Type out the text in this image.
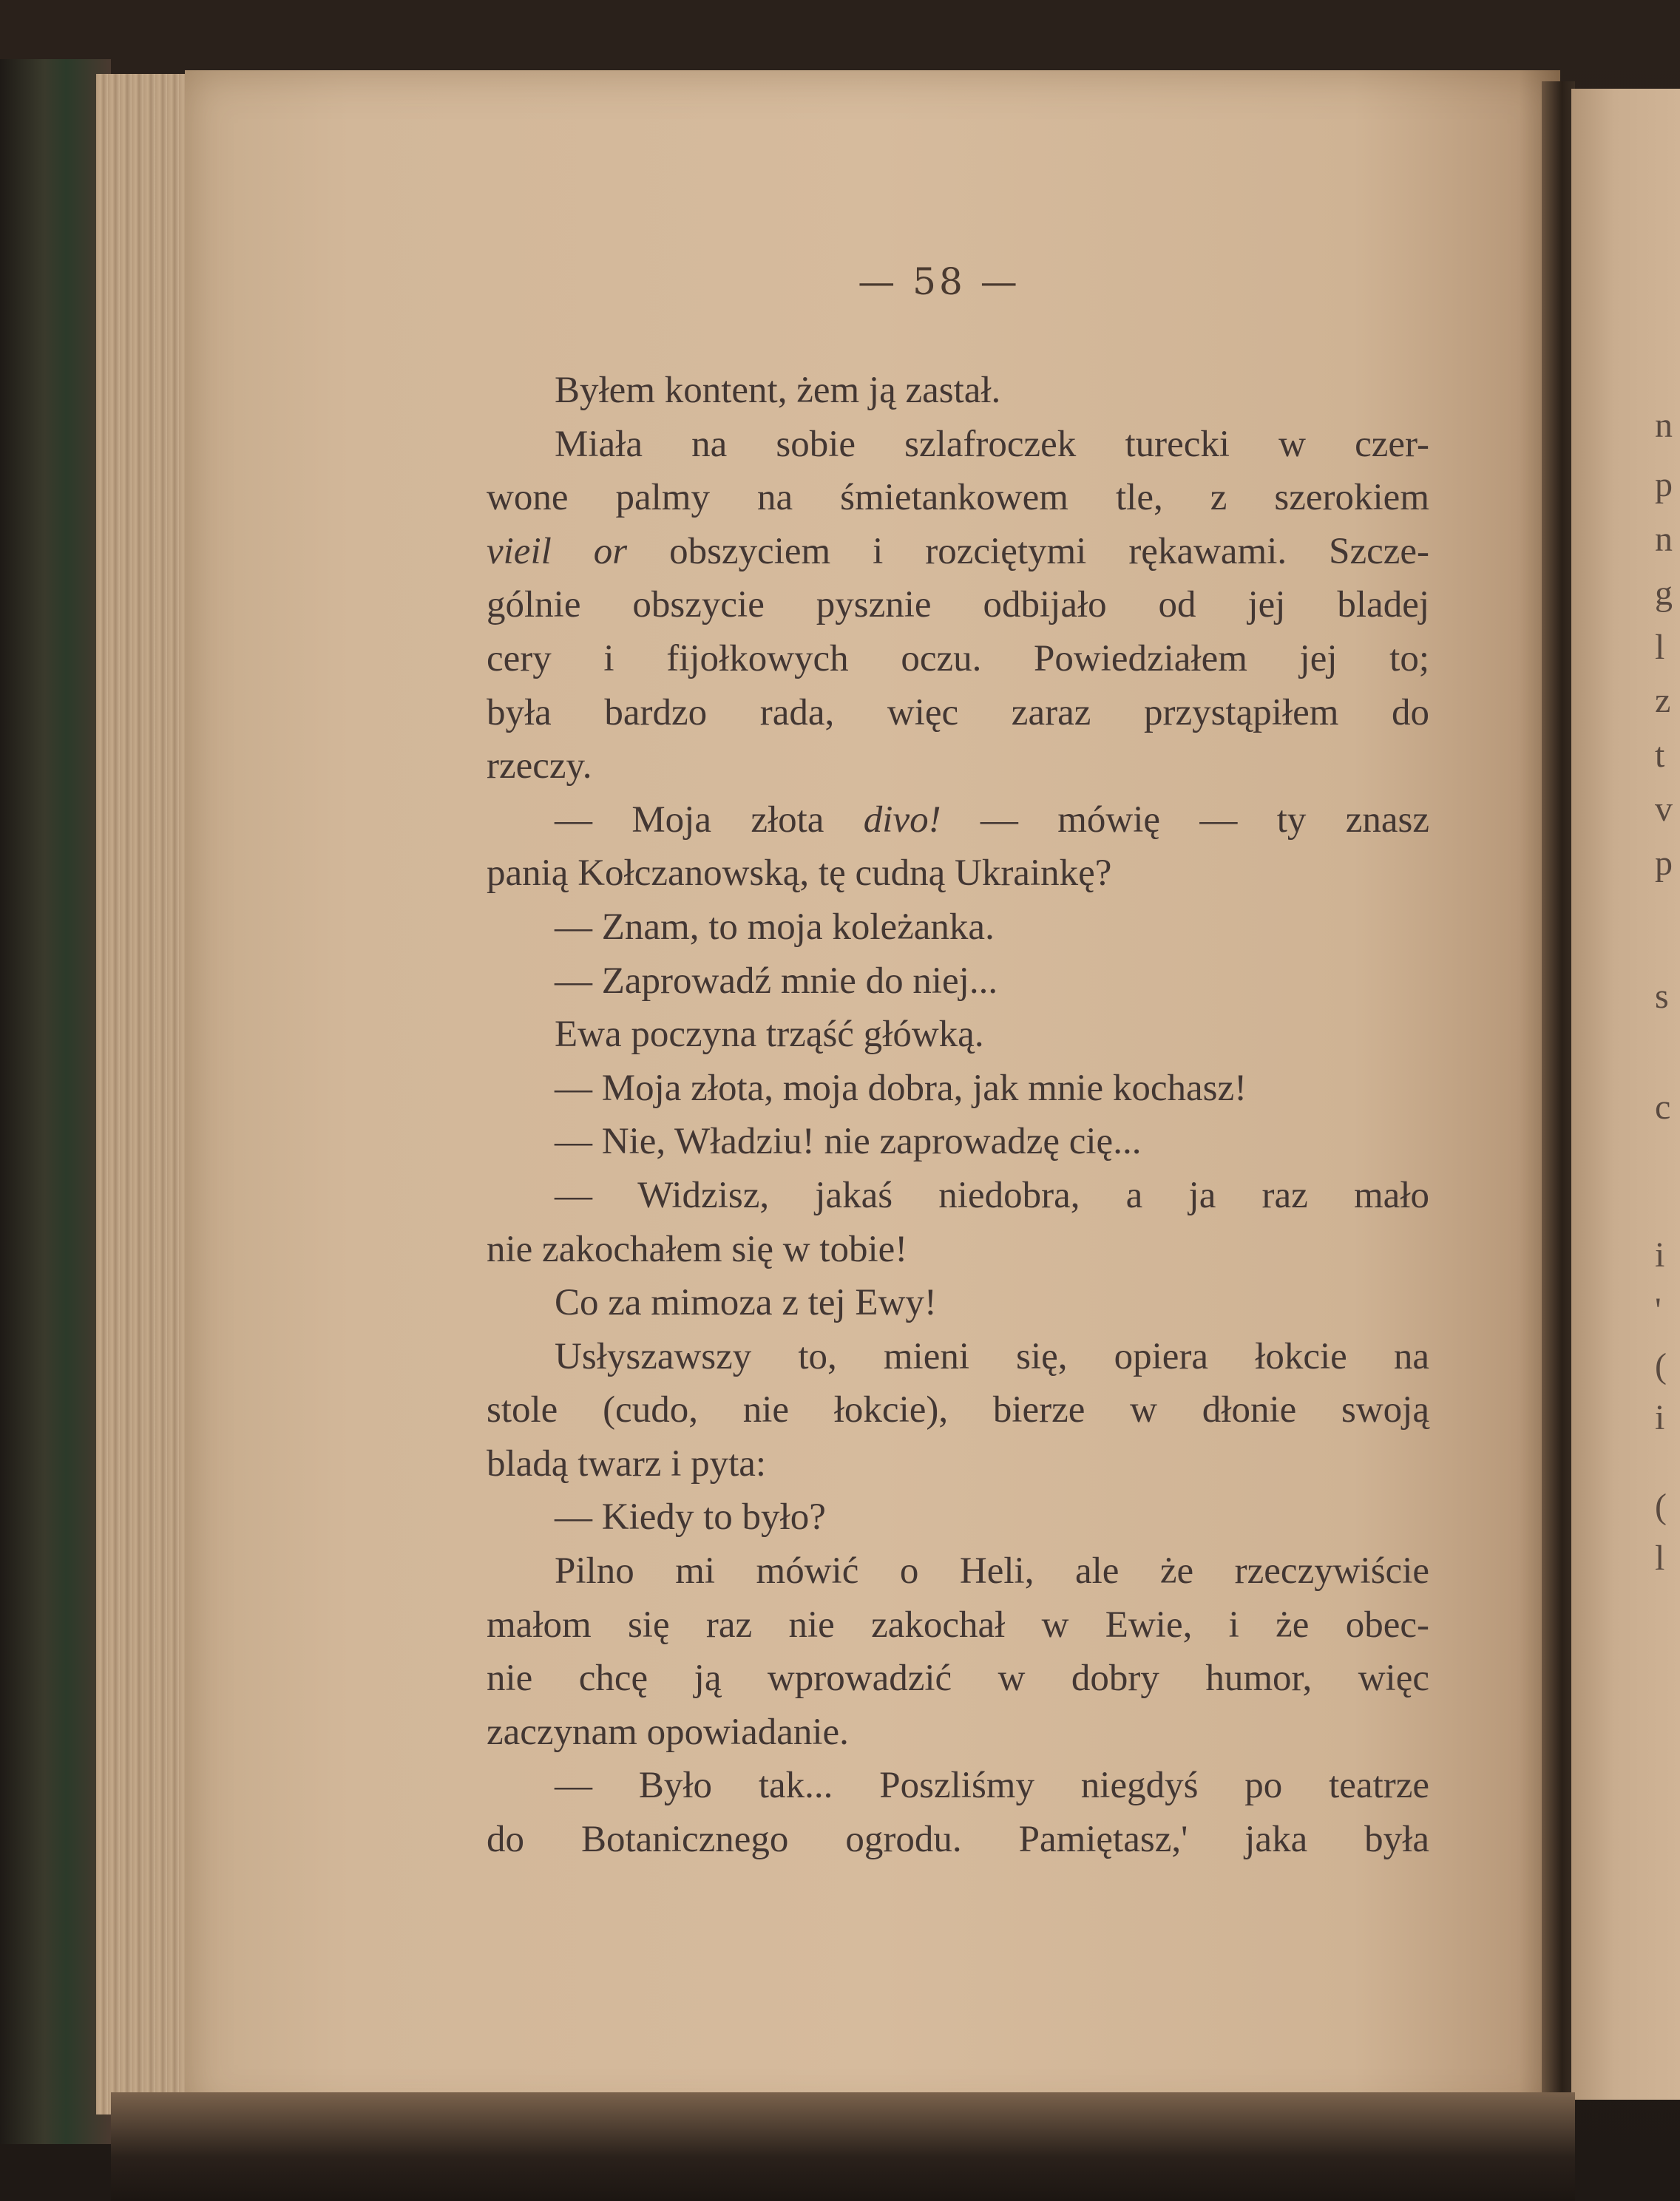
— 58 —
Byłem kontent, żem ją zastał.
Miała na sobie szlafroczek turecki w czer-
wone palmy na śmietankowem tle, z szerokiem
vieil or obszyciem i rozciętymi rękawami. Szcze-
gólnie obszycie pysznie odbijało od jej bladej
cery i fijołkowych oczu. Powiedziałem jej to;
była bardzo rada, więc zaraz przystąpiłem do
rzeczy.
— Moja złota divo! — mówię — ty znasz
panią Kołczanowską, tę cudną Ukrainkę?
— Znam, to moja koleżanka.
— Zaprowadź mnie do niej...
Ewa poczyna trząść główką.
— Moja złota, moja dobra, jak mnie kochasz!
— Nie, Władziu! nie zaprowadzę cię...
— Widzisz, jakaś niedobra, a ja raz mało
nie zakochałem się w tobie!
Co za mimoza z tej Ewy!
Usłyszawszy to, mieni się, opiera łokcie na
stole (cudo, nie łokcie), bierze w dłonie swoją
bladą twarz i pyta:
— Kiedy to było?
Pilno mi mówić o Heli, ale że rzeczywiście
małom się raz nie zakochał w Ewie, i że obec-
nie chcę ją wprowadzić w dobry humor, więc
zaczynam opowiadanie.
— Było tak... Poszliśmy niegdyś po teatrze
do Botanicznego ogrodu. Pamiętasz,' jaka była
n
p
n
g
l
z
t
v
p
s
c
i
'
(
i
(
l
